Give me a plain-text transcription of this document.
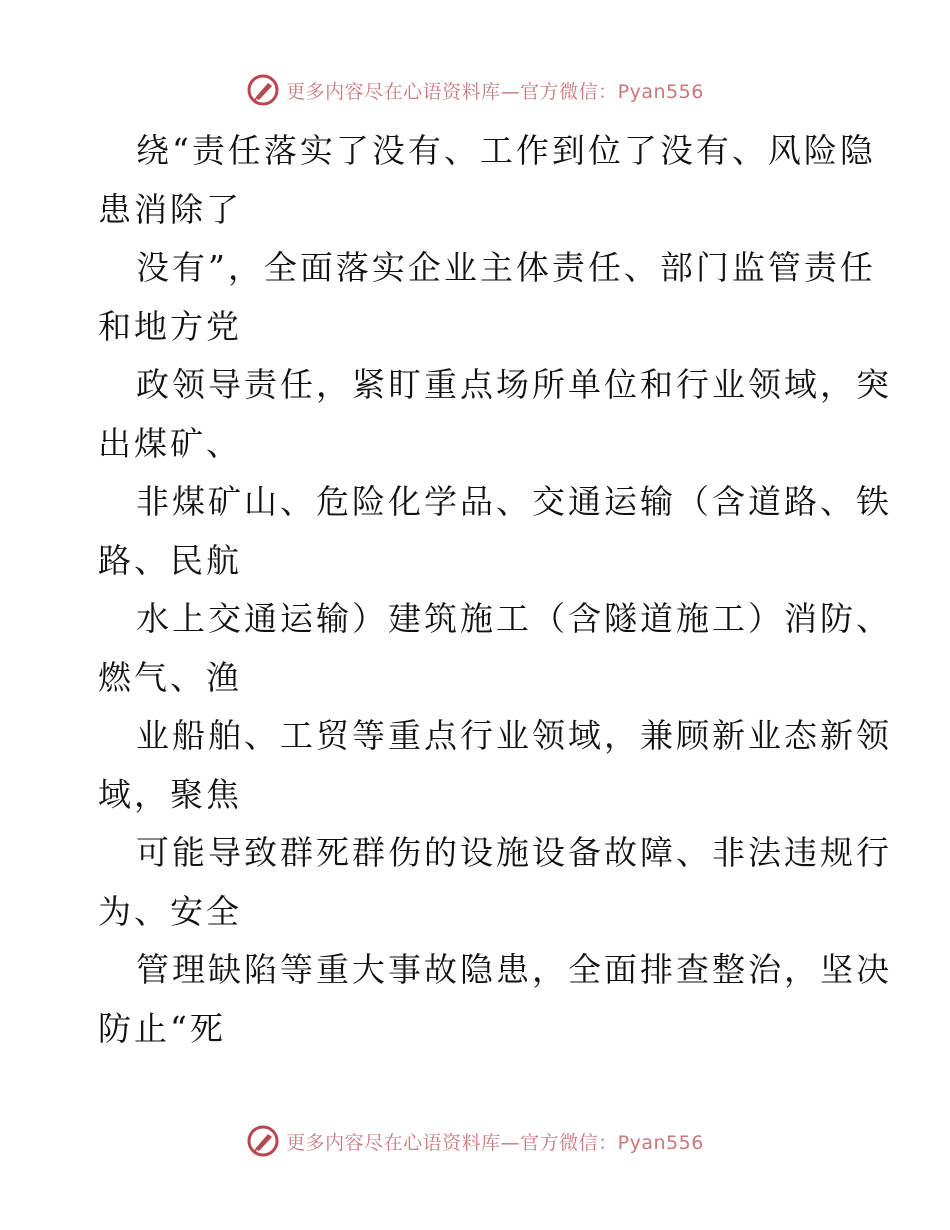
更多内容尽在心语资料库—官方微信：Pyan556

绕“责任落实了没有、工作到位了没有、风险隐
患消除了

没有”，全面落实企业主体责任、部门监管责任
和地方党

政领导责任，紧盯重点场所单位和行业领域，突
出煤矿、

非煤矿山、危险化学品、交通运输（含道路、铁
路、民航

水上交通运输）建筑施工（含隧道施工）消防、
燃气、渔

业船舶、工贸等重点行业领域，兼顾新业态新领
域，聚焦

可能导致群死群伤的设施设备故障、非法违规行
为、安全

管理缺陷等重大事故隐患，全面排查整治，坚决
防止“死

更多内容尽在心语资料库—官方微信：Pyan556
